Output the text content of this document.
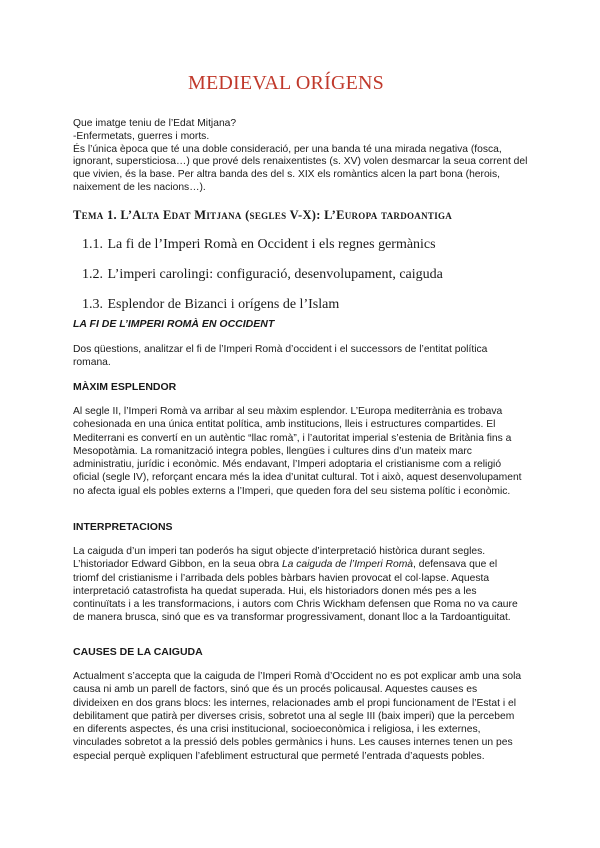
MEDIEVAL ORÍGENS

Que imatge teniu de l’Edat Mitjana?

-Enfermetats, guerres i morts.

És l’única època que té una doble consideració, per una banda té una mirada negativa (fosca, ignorant, supersticiosa…) que prové dels renaixentistes (s. XV) volen desmarcar la seua corrent del que vivien, és la base. Per altra banda des del s. XIX els romàntics alcen la part bona (herois, naixement de les nacions…).

Tema 1. L’Alta Edat Mitjana (segles V-X): L’Europa tardoantiga
1.1. La fi de l’Imperi Romà en Occident i els regnes germànics
1.2. L’imperi carolingi: configuració, desenvolupament, caiguda
1.3. Esplendor de Bizanci i orígens de l’Islam
LA FI DE L’IMPERI ROMÀ EN OCCIDENT

Dos qüestions, analitzar el fi de l’Imperi Romà d’occident i el successors de l’entitat política romana.

MÀXIM ESPLENDOR

Al segle II, l’Imperi Romà va arribar al seu màxim esplendor. L’Europa mediterrània es trobava cohesionada en una única entitat política, amb institucions, lleis i estructures compartides. El Mediterrani es convertí en un autèntic “llac romà”, i l’autoritat imperial s’estenia de Britània fins a Mesopotàmia. La romanització integra pobles, llengües i cultures dins d’un mateix marc administratiu, jurídic i econòmic. Més endavant, l’Imperi adoptaria el cristianisme com a religió oficial (segle IV), reforçant encara més la idea d’unitat cultural. Tot i això, aquest desenvolupament no afecta igual els pobles externs a l’Imperi, que queden fora del seu sistema polític i econòmic.

INTERPRETACIONS

La caiguda d’un imperi tan poderós ha sigut objecte d’interpretació històrica durant segles. L’historiador Edward Gibbon, en la seua obra La caiguda de l’Imperi Romà, defensava que el triomf del cristianisme i l’arribada dels pobles bàrbars havien provocat el col·lapse. Aquesta interpretació catastrofista ha quedat superada. Hui, els historiadors donen més pes a les continuïtats i a les transformacions, i autors com Chris Wickham defensen que Roma no va caure de manera brusca, sinó que es va transformar progressivament, donant lloc a la Tardoantiguitat.

CAUSES DE LA CAIGUDA

Actualment s’accepta que la caiguda de l’Imperi Romà d’Occident no es pot explicar amb una sola causa ni amb un parell de factors, sinó que és un procés policausal. Aquestes causes es divideixen en dos grans blocs: les internes, relacionades amb el propi funcionament de l’Estat i el debilitament que patirà per diverses crisis, sobretot una al segle III (baix imperi) que la percebem en diferents aspectes, és una crisi institucional, socioeconòmica i religiosa, i les externes, vinculades sobretot a la pressió dels pobles germànics i huns. Les causes internes tenen un pes especial perquè expliquen l’afebliment estructural que permeté l’entrada d’aquests pobles.
